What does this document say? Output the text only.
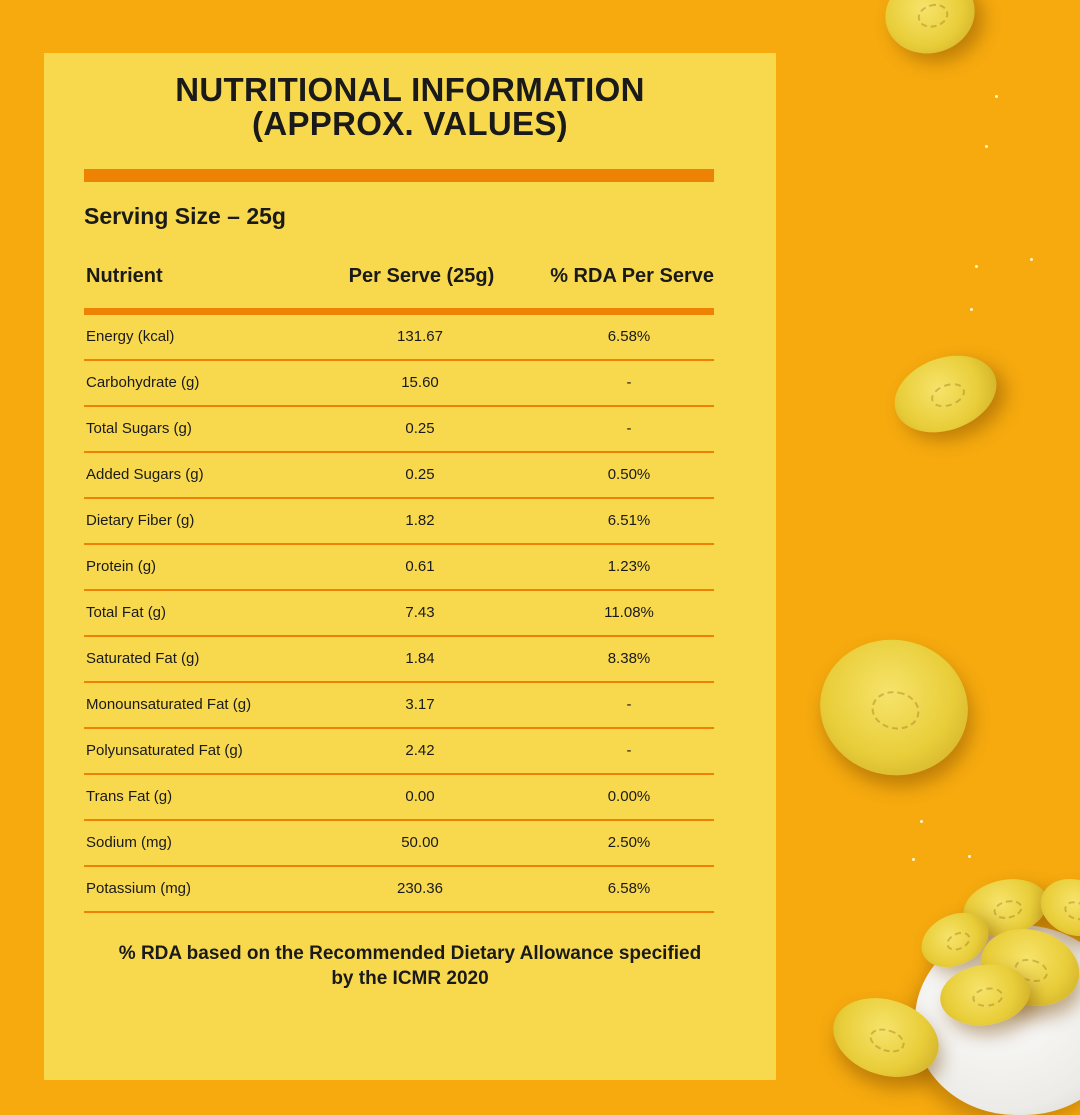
NUTRITIONAL INFORMATION
(APPROX. VALUES)
Serving Size – 25g
Nutrient	Per Serve (25g)	% RDA Per Serve
Energy (kcal)	131.67	6.58%
Carbohydrate (g)	15.60	-
Total Sugars (g)	0.25	-
Added Sugars (g)	0.25	0.50%
Dietary Fiber (g)	1.82	6.51%
Protein (g)	0.61	1.23%
Total Fat (g)	7.43	11.08%
Saturated Fat (g)	1.84	8.38%
Monounsaturated Fat (g)	3.17	-
Polyunsaturated Fat (g)	2.42	-
Trans Fat (g)	0.00	0.00%
Sodium (mg)	50.00	2.50%
Potassium (mg)	230.36	6.58%
% RDA based on the Recommended Dietary Allowance specified
by the ICMR 2020
